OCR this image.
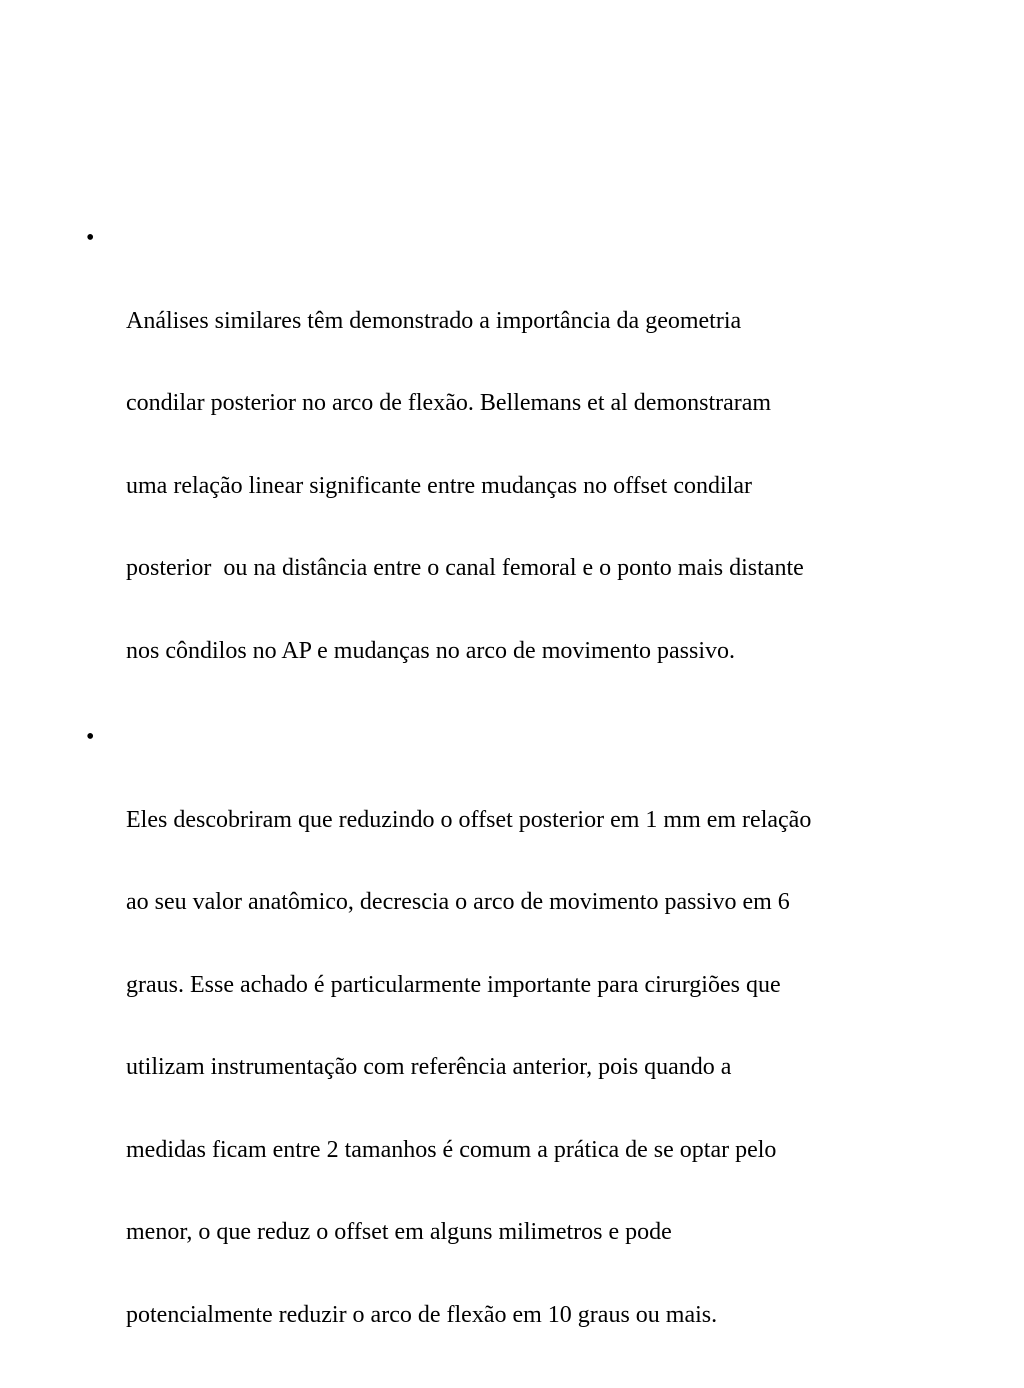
•

Análises similares têm demonstrado a importância da geometria

condilar posterior no arco de flexão. Bellemans et al demonstraram

uma relação linear significante entre mudanças no offset condilar

posterior  ou na distância entre o canal femoral e o ponto mais distante

nos côndilos no AP e mudanças no arco de movimento passivo.

•

Eles descobriram que reduzindo o offset posterior em 1 mm em relação

ao seu valor anatômico, decrescia o arco de movimento passivo em 6

graus. Esse achado é particularmente importante para cirurgiões que

utilizam instrumentação com referência anterior, pois quando a

medidas ficam entre 2 tamanhos é comum a prática de se optar pelo

menor, o que reduz o offset em alguns milimetros e pode

potencialmente reduzir o arco de flexão em 10 graus ou mais.
